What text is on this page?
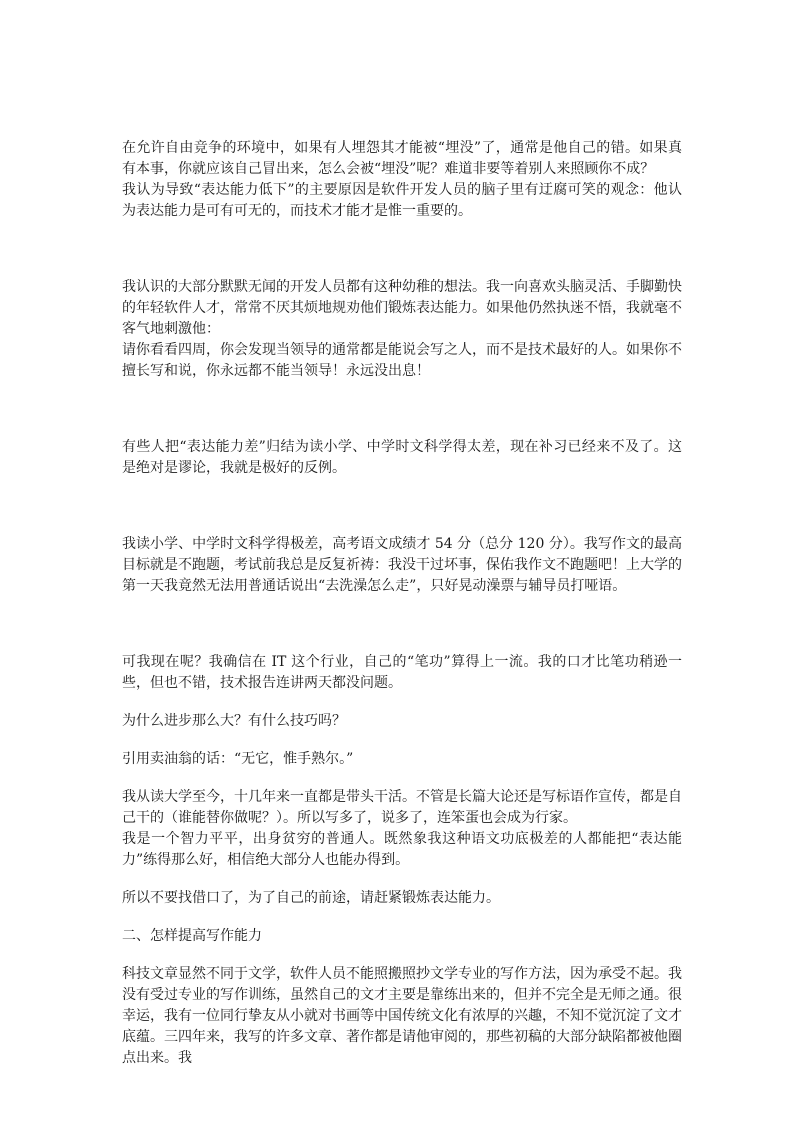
在允许自由竞争的环境中，如果有人埋怨其才能被“埋没”了，通常是他自己的错。如果真有本事，你就应该自己冒出来，怎么会被“埋没”呢？难道非要等着别人来照顾你不成？

我认为导致“表达能力低下”的主要原因是软件开发人员的脑子里有迂腐可笑的观念：他认为表达能力是可有可无的，而技术才能才是惟一重要的。

我认识的大部分默默无闻的开发人员都有这种幼稚的想法。我一向喜欢头脑灵活、手脚勤快的年轻软件人才，常常不厌其烦地规劝他们锻炼表达能力。如果他仍然执迷不悟，我就毫不客气地刺激他：

请你看看四周，你会发现当领导的通常都是能说会写之人，而不是技术最好的人。如果你不擅长写和说，你永远都不能当领导！永远没出息！

有些人把“表达能力差”归结为读小学、中学时文科学得太差，现在补习已经来不及了。这是绝对是谬论，我就是极好的反例。

我读小学、中学时文科学得极差，高考语文成绩才 54 分（总分 120 分）。我写作文的最高目标就是不跑题，考试前我总是反复祈祷：我没干过坏事，保佑我作文不跑题吧！上大学的第一天我竟然无法用普通话说出“去洗澡怎么走”，只好晃动澡票与辅导员打哑语。

可我现在呢？我确信在 IT 这个行业，自己的“笔功”算得上一流。我的口才比笔功稍逊一些，但也不错，技术报告连讲两天都没问题。

为什么进步那么大？有什么技巧吗？

引用卖油翁的话：“无它，惟手熟尔。”

我从读大学至今，十几年来一直都是带头干活。不管是长篇大论还是写标语作宣传，都是自己干的（谁能替你做呢？）。所以写多了，说多了，连笨蛋也会成为行家。

我是一个智力平平，出身贫穷的普通人。既然象我这种语文功底极差的人都能把“表达能力”练得那么好，相信绝大部分人也能办得到。

所以不要找借口了，为了自己的前途，请赶紧锻炼表达能力。

二、怎样提高写作能力

科技文章显然不同于文学，软件人员不能照搬照抄文学专业的写作方法，因为承受不起。我没有受过专业的写作训练，虽然自己的文才主要是靠练出来的，但并不完全是无师之通。很幸运，我有一位同行挚友从小就对书画等中国传统文化有浓厚的兴趣，不知不觉沉淀了文才底蕴。三四年来，我写的许多文章、著作都是请他审阅的，那些初稿的大部分缺陷都被他圈点出来。我
